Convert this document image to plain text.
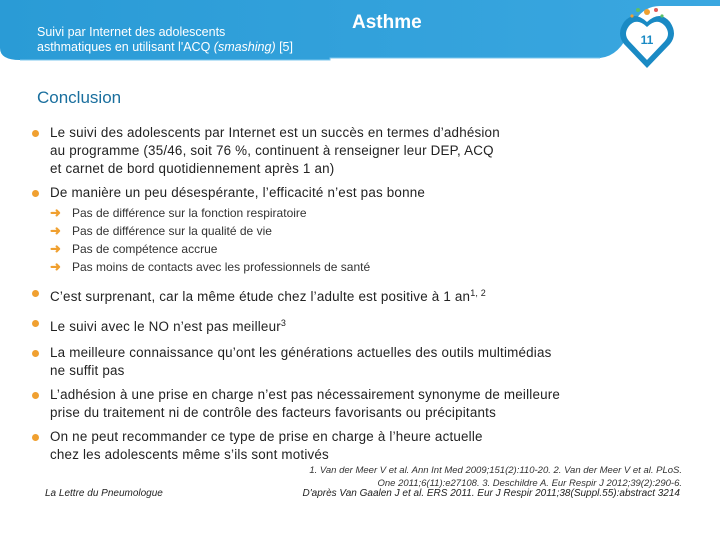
Suivi par Internet des adolescents
asthmatiques en utilisant l'ACQ (smashing) [5]
Asthme
11
Conclusion
Le suivi des adolescents par Internet est un succès en termes d’adhésion
au programme (35/46, soit 76 %, continuent à renseigner leur DEP, ACQ
et carnet de bord quotidiennement après 1 an)
De manière un peu désespérante, l’efficacité n’est pas bonne
➜ Pas de différence sur la fonction respiratoire
➜ Pas de différence sur la qualité de vie
➜ Pas de compétence accrue
➜ Pas moins de contacts avec les professionnels de santé
C’est surprenant, car la même étude chez l’adulte est positive à 1 an$^{1, 2}$
Le suivi avec le NO n’est pas meilleur$^3$
La meilleure connaissance qu’ont les générations actuelles des outils multimédias
ne suffit pas
L’adhésion à une prise en charge n’est pas nécessairement synonyme de meilleure
prise du traitement ni de contrôle des facteurs favorisants ou précipitants
On ne peut recommander ce type de prise en charge à l’heure actuelle
chez les adolescents même s’ils sont motivés
1. Van der Meer V et al. Ann Int Med 2009;151(2):110-20. 2. Van der Meer V et al. PLoS.
One 2011;6(11):e27108. 3. Deschildre A. Eur Respir J 2012;39(2):290-6.
La Lettre du Pneumologue	D'après Van Gaalen J et al. ERS 2011. Eur J Respir 2011;38(Suppl.55):abstract 3214
